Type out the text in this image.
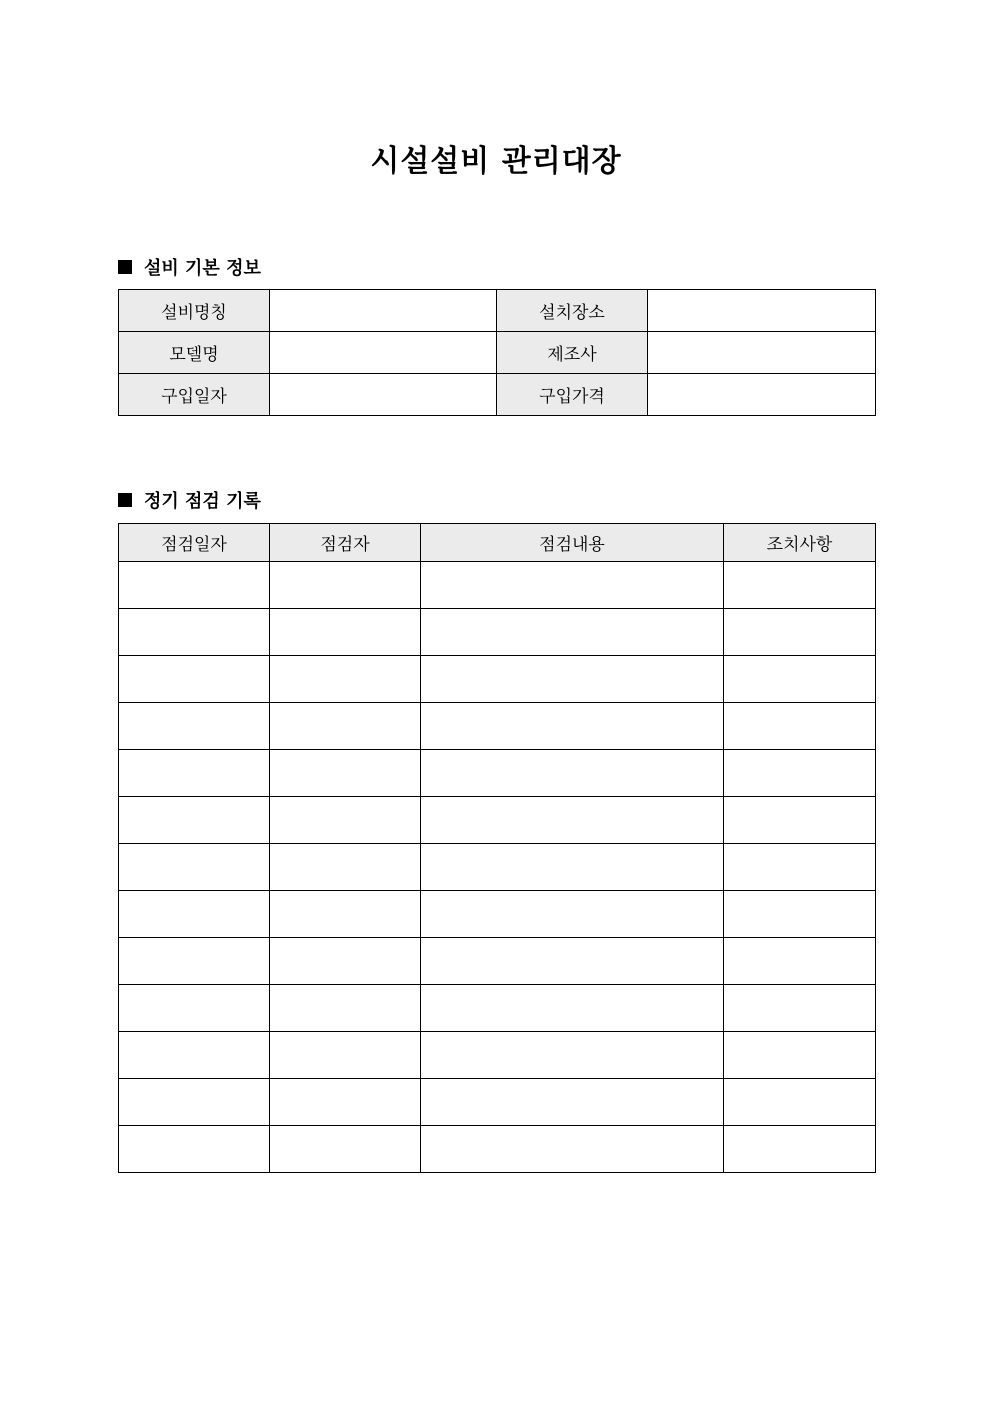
시설설비 관리대장
설비 기본 정보
설비명칭		설치장소	
모델명		제조사	
구입일자		구입가격	
정기 점검 기록
점검일자	점검자	점검내용	조치사항
